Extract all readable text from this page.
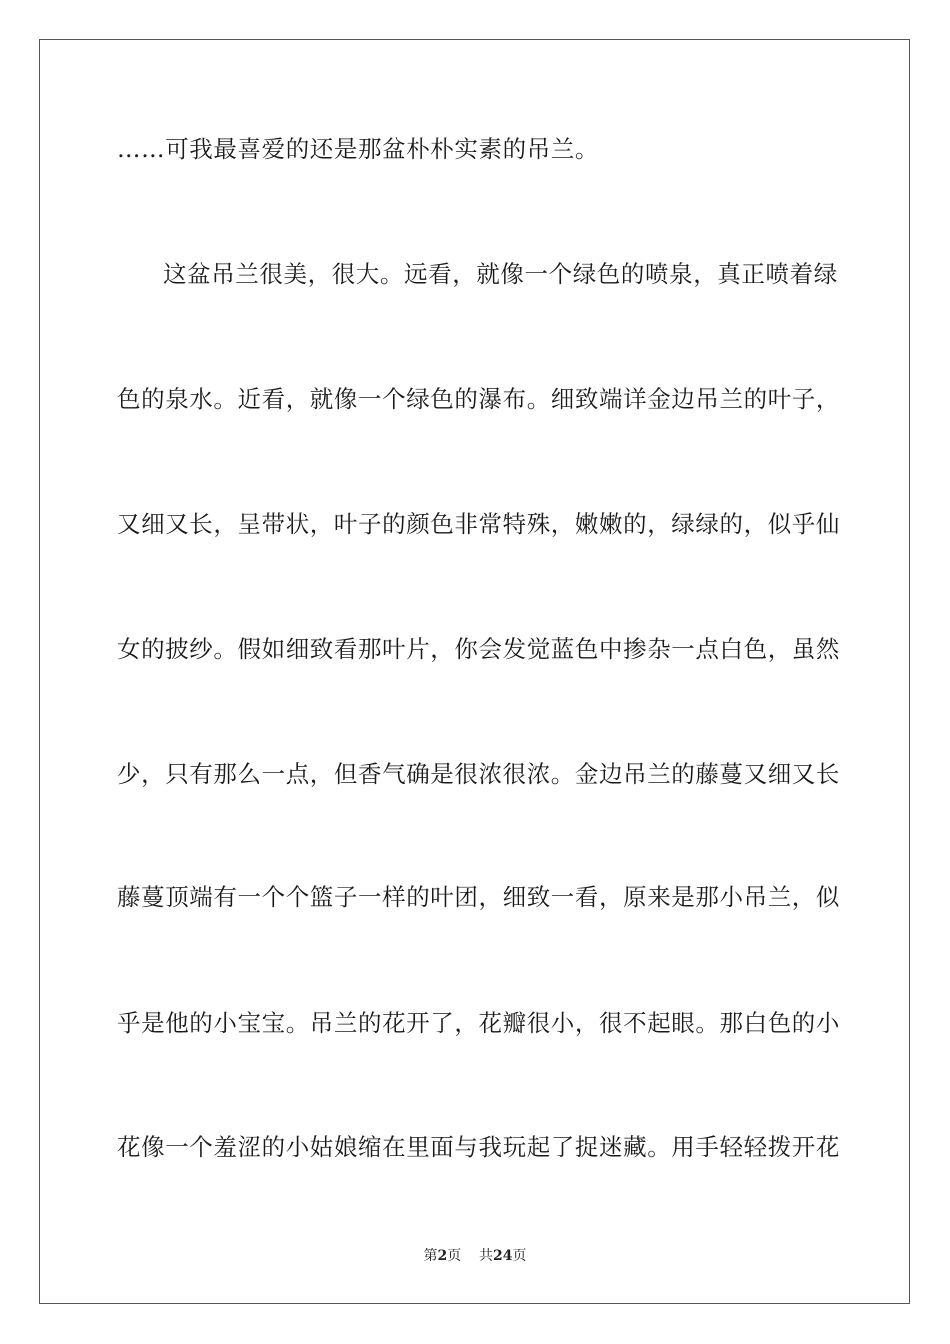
……可我最喜爱的还是那盆朴朴实素的吊兰。
这盆吊兰很美，很大。远看，就像一个绿色的喷泉，真正喷着绿
色的泉水。近看，就像一个绿色的瀑布。细致端详金边吊兰的叶子，
又细又长，呈带状，叶子的颜色非常特殊，嫩嫩的，绿绿的，似乎仙
女的披纱。假如细致看那叶片，你会发觉蓝色中掺杂一点白色，虽然
少，只有那么一点，但香气确是很浓很浓。金边吊兰的藤蔓又细又长
藤蔓顶端有一个个篮子一样的叶团，细致一看，原来是那小吊兰，似
乎是他的小宝宝。吊兰的花开了，花瓣很小，很不起眼。那白色的小
花像一个羞涩的小姑娘缩在里面与我玩起了捉迷藏。用手轻轻拨开花
第2页 共24页
